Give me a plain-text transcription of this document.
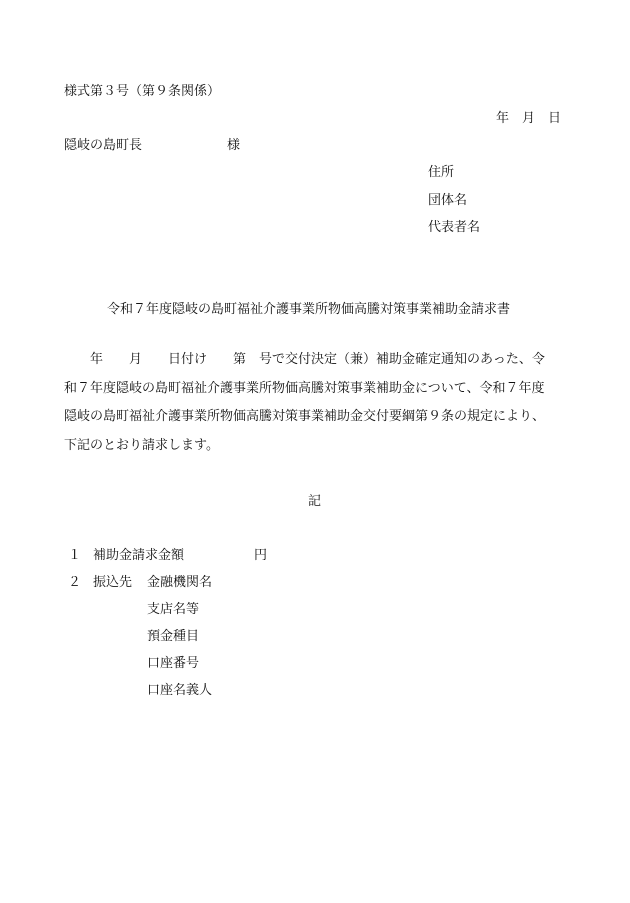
様式第３号（第９条関係）
年　月　日
隠岐の島町長	様
住所
団体名
代表者名
令和７年度隠岐の島町福祉介護事業所物価高騰対策事業補助金請求書
　　年　　月　　日付け　　第　号で交付決定（兼）補助金確定通知のあった、令
和７年度隠岐の島町福祉介護事業所物価高騰対策事業補助金について、令和７年度
隠岐の島町福祉介護事業所物価高騰対策事業補助金交付要綱第９条の規定により、
下記のとおり請求します。
記
１ 補助金請求金額	円
２ 振込先 金融機関名
支店名等
預金種目
口座番号
口座名義人
